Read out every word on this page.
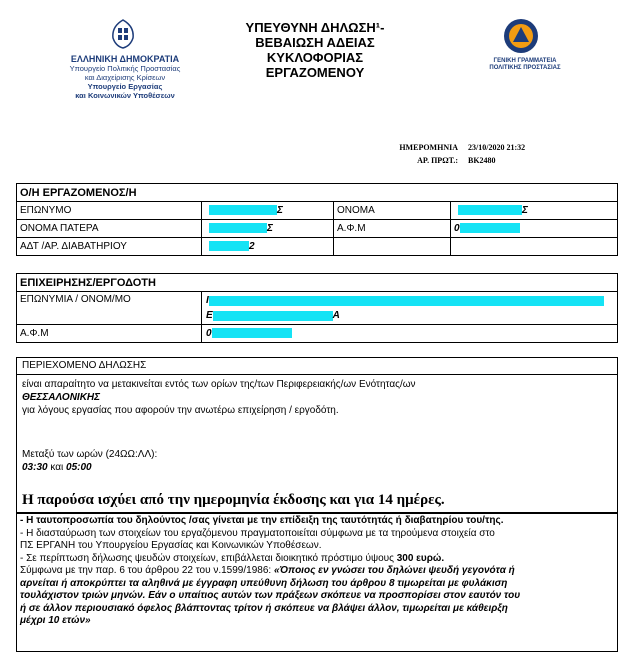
ΕΛΛΗΝΙΚΗ ΔΗΜΟΚΡΑΤΙΑ
Υπουργείο Πολιτικής Προστασίας
και Διαχείρισης Κρίσεων
Υπουργείο Εργασίας
και Κοινωνικών Υποθέσεων
ΥΠΕΥΘΥΝΗ ΔΗΛΩΣΗ¹-
ΒΕΒΑΙΩΣΗ ΑΔΕΙΑΣ
ΚΥΚΛΟΦΟΡΙΑΣ
ΕΡΓΑΖΟΜΕΝΟΥ
ΓΕΝΙΚΗ ΓΡΑΜΜΑΤΕΙΑ
ΠΟΛΙΤΙΚΗΣ ΠΡΟΣΤΑΣΙΑΣ
ΗΜΕΡΟΜΗΝΙΑ 23/10/2020 21:32
ΑΡ. ΠΡΩΤ.: ΒΚ2480
Ο/Η ΕΡΓΑΖΟΜΕΝΟΣ/Η			
ΕΠΩΝΥΜΟ	Σ	ΟΝΟΜΑ	Σ
ΟΝΟΜΑ ΠΑΤΕΡΑ	Σ	Α.Φ.Μ	0
ΑΔΤ /ΑΡ. ΔΙΑΒΑΤΗΡΙΟΥ	2		
ΕΠΙΧΕΙΡΗΣΗΣ/ΕΡΓΟΔΟΤΗ	
ΕΠΩΝΥΜΙΑ / ΟΝΟΜ/ΜΟ	Ι
Ε Α

Α.Φ.Μ	0
ΠΕΡΙΕΧΟΜΕΝΟ ΔΗΛΩΣΗΣ
είναι απαραίτητο να μετακινείται εντός των ορίων της/των Περιφερειακής/ων Ενότητας/ων
ΘΕΣΣΑΛΟΝΙΚΗΣ
για λόγους εργασίας που αφορούν την ανωτέρω επιχείρηση / εργοδότη.
Μεταξύ των ωρών (24ΩΩ:ΛΛ):
03:30 και 05:00
Η παρούσα ισχύει από την ημερομηνία έκδοσης και για 14 ημέρες.
- Η ταυτοπροσωπία του δηλούντος /σας γίνεται με την επίδειξη της ταυτότητάς ή διαβατηρίου του/της.
- Η διασταύρωση των στοιχείων του εργαζόμενου πραγματοποιείται σύμφωνα με τα τηρούμενα στοιχεία στο
ΠΣ ΕΡΓΑΝΗ του Υπουργείου Εργασίας και Κοινωνικών Υποθέσεων.
- Σε περίπτωση δήλωσης ψευδών στοιχείων, επιβάλλεται διοικητικό πρόστιμο ύψους 300 ευρώ.
Σύμφωνα με την παρ. 6 του άρθρου 22 του ν.1599/1986: «Όποιος εν γνώσει του δηλώνει ψευδή γεγονότα ή
αρνείται ή αποκρύπτει τα αληθινά με έγγραφη υπεύθυνη δήλωση του άρθρου 8 τιμωρείται με φυλάκιση
τουλάχιστον τριών μηνών. Εάν ο υπαίτιος αυτών των πράξεων σκόπευε να προσπορίσει στον εαυτόν του
ή σε άλλον περιουσιακό όφελος βλάπτοντας τρίτον ή σκόπευε να βλάψει άλλον, τιμωρείται με κάθειρξη
μέχρι 10 ετών»
